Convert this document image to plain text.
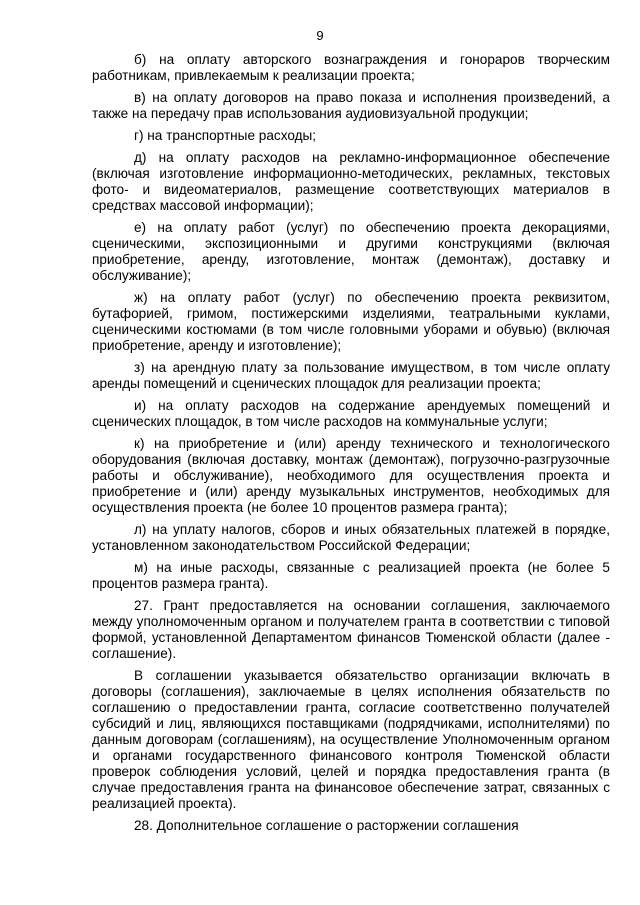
9

б) на оплату авторского вознаграждения и гонораров творческим работникам, привлекаемым к реализации проекта;

в) на оплату договоров на право показа и исполнения произведений, а также на передачу прав использования аудиовизуальной продукции;

г) на транспортные расходы;

д) на оплату расходов на рекламно-информационное обеспечение (включая изготовление информационно-методических, рекламных, текстовых фото- и видеоматериалов, размещение соответствующих материалов в средствах массовой информации);

е) на оплату работ (услуг) по обеспечению проекта декорациями, сценическими, экспозиционными и другими конструкциями (включая приобретение, аренду, изготовление, монтаж (демонтаж), доставку и обслуживание);

ж) на оплату работ (услуг) по обеспечению проекта реквизитом, бутафорией, гримом, постижерскими изделиями, театральными куклами, сценическими костюмами (в том числе головными уборами и обувью) (включая приобретение, аренду и изготовление);

з) на арендную плату за пользование имуществом, в том числе оплату аренды помещений и сценических площадок для реализации проекта;

и) на оплату расходов на содержание арендуемых помещений и сценических площадок, в том числе расходов на коммунальные услуги;

к) на приобретение и (или) аренду технического и технологического оборудования (включая доставку, монтаж (демонтаж), погрузочно-разгрузочные работы и обслуживание), необходимого для осуществления проекта и приобретение и (или) аренду музыкальных инструментов, необходимых для осуществления проекта (не более 10 процентов размера гранта);

л) на уплату налогов, сборов и иных обязательных платежей в порядке, установленном законодательством Российской Федерации;

м) на иные расходы, связанные с реализацией проекта (не более 5 процентов размера гранта).

27. Грант предоставляется на основании соглашения, заключаемого между уполномоченным органом и получателем гранта в соответствии с типовой формой, установленной Департаментом финансов Тюменской области (далее - соглашение).

В соглашении указывается обязательство организации включать в договоры (соглашения), заключаемые в целях исполнения обязательств по соглашению о предоставлении гранта, согласие соответственно получателей субсидий и лиц, являющихся поставщиками (подрядчиками, исполнителями) по данным договорам (соглашениям), на осуществление Уполномоченным органом и органами государственного финансового контроля Тюменской области проверок соблюдения условий, целей и порядка предоставления гранта (в случае предоставления гранта на финансовое обеспечение затрат, связанных с реализацией проекта).

28. Дополнительное соглашение о расторжении соглашения
